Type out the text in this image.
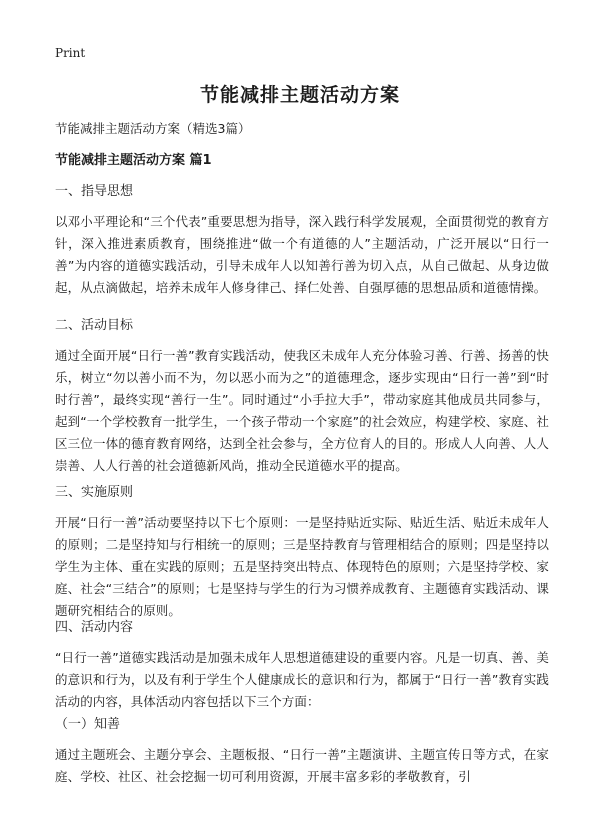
Print
节能减排主题活动方案
节能减排主题活动方案（精选3篇）
节能减排主题活动方案 篇1
一、指导思想
以邓小平理论和“三个代表”重要思想为指导，深入践行科学发展观，全面贯彻党的教育方针，深入推进素质教育，围绕推进“做一个有道德的人”主题活动，广泛开展以“日行一善”为内容的道德实践活动，引导未成年人以知善行善为切入点，从自己做起、从身边做起，从点滴做起，培养未成年人修身律己、择仁处善、自强厚德的思想品质和道德情操。
二、活动目标
通过全面开展“日行一善”教育实践活动，使我区未成年人充分体验习善、行善、扬善的快乐，树立“勿以善小而不为，勿以恶小而为之”的道德理念，逐步实现由“日行一善”到“时时行善”，最终实现“善行一生”。同时通过“小手拉大手”，带动家庭其他成员共同参与，起到“一个学校教育一批学生，一个孩子带动一个家庭”的社会效应，构建学校、家庭、社区三位一体的德育教育网络，达到全社会参与，全方位育人的目的。形成人人向善、人人崇善、人人行善的社会道德新风尚，推动全民道德水平的提高。
三、实施原则
开展“日行一善”活动要坚持以下七个原则：一是坚持贴近实际、贴近生活、贴近未成年人的原则；二是坚持知与行相统一的原则；三是坚持教育与管理相结合的原则；四是坚持以学生为主体、重在实践的原则；五是坚持突出特点、体现特色的原则；六是坚持学校、家庭、社会“三结合”的原则；七是坚持与学生的行为习惯养成教育、主题德育实践活动、课题研究相结合的原则。
四、活动内容
“日行一善”道德实践活动是加强未成年人思想道德建设的重要内容。凡是一切真、善、美的意识和行为，以及有利于学生个人健康成长的意识和行为，都属于“日行一善”教育实践活动的内容，具体活动内容包括以下三个方面：
（一）知善
通过主题班会、主题分享会、主题板报、“日行一善”主题演讲、主题宣传日等方式，在家庭、学校、社区、社会挖掘一切可利用资源，开展丰富多彩的孝敬教育，引
